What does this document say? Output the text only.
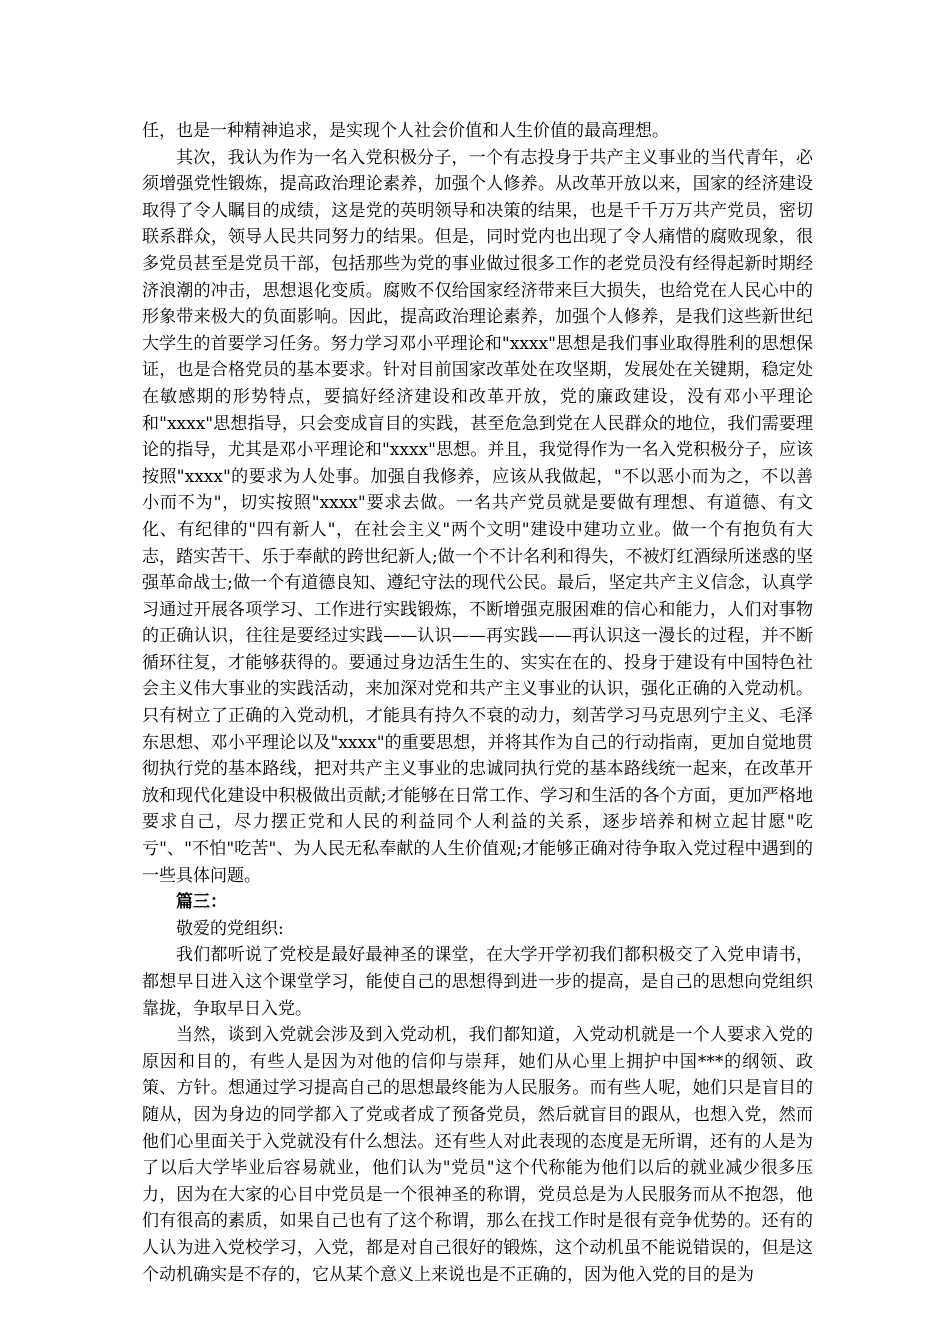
任，也是一种精神追求，是实现个人社会价值和人生价值的最高理想。

其次，我认为作为一名入党积极分子，一个有志投身于共产主义事业的当代青年，必须增强党性锻炼，提高政治理论素养，加强个人修养。从改革开放以来，国家的经济建设取得了令人瞩目的成绩，这是党的英明领导和决策的结果，也是千千万万共产党员，密切联系群众，领导人民共同努力的结果。但是，同时党内也出现了令人痛惜的腐败现象，很多党员甚至是党员干部，包括那些为党的事业做过很多工作的老党员没有经得起新时期经济浪潮的冲击，思想退化变质。腐败不仅给国家经济带来巨大损失，也给党在人民心中的形象带来极大的负面影响。因此，提高政治理论素养，加强个人修养，是我们这些新世纪大学生的首要学习任务。努力学习邓小平理论和"xxxx"思想是我们事业取得胜利的思想保证，也是合格党员的基本要求。针对目前国家改革处在攻坚期，发展处在关键期，稳定处在敏感期的形势特点，要搞好经济建设和改革开放，党的廉政建设，没有邓小平理论和"xxxx"思想指导，只会变成盲目的实践，甚至危急到党在人民群众的地位，我们需要理论的指导，尤其是邓小平理论和"xxxx"思想。并且，我觉得作为一名入党积极分子，应该按照"xxxx"的要求为人处事。加强自我修养，应该从我做起，"不以恶小而为之，不以善小而不为"，切实按照"xxxx"要求去做。一名共产党员就是要做有理想、有道德、有文化、有纪律的"四有新人"，在社会主义"两个文明"建设中建功立业。做一个有抱负有大志，踏实苦干、乐于奉献的跨世纪新人;做一个不计名利和得失，不被灯红酒绿所迷惑的坚强革命战士;做一个有道德良知、遵纪守法的现代公民。最后，坚定共产主义信念，认真学习通过开展各项学习、工作进行实践锻炼，不断增强克服困难的信心和能力，人们对事物的正确认识，往往是要经过实践——认识——再实践——再认识这一漫长的过程，并不断循环往复，才能够获得的。要通过身边活生生的、实实在在的、投身于建设有中国特色社会主义伟大事业的实践活动，来加深对党和共产主义事业的认识，强化正确的入党动机。只有树立了正确的入党动机，才能具有持久不衰的动力，刻苦学习马克思列宁主义、毛泽东思想、邓小平理论以及"xxxx"的重要思想，并将其作为自己的行动指南，更加自觉地贯彻执行党的基本路线，把对共产主义事业的忠诚同执行党的基本路线统一起来，在改革开放和现代化建设中积极做出贡献;才能够在日常工作、学习和生活的各个方面，更加严格地要求自己，尽力摆正党和人民的利益同个人利益的关系，逐步培养和树立起甘愿"吃亏"、"不怕"吃苦"、为人民无私奉献的人生价值观;才能够正确对待争取入党过程中遇到的一些具体问题。

篇三：

敬爱的党组织:

我们都听说了党校是最好最神圣的课堂，在大学开学初我们都积极交了入党申请书，都想早日进入这个课堂学习，能使自己的思想得到进一步的提高，是自己的思想向党组织靠拢，争取早日入党。

当然，谈到入党就会涉及到入党动机，我们都知道，入党动机就是一个人要求入党的原因和目的，有些人是因为对他的信仰与崇拜，她们从心里上拥护中国***的纲领、政策、方针。想通过学习提高自己的思想最终能为人民服务。而有些人呢，她们只是盲目的随从，因为身边的同学都入了党或者成了预备党员，然后就盲目的跟从，也想入党，然而他们心里面关于入党就没有什么想法。还有些人对此表现的态度是无所谓，还有的人是为了以后大学毕业后容易就业，他们认为"党员"这个代称能为他们以后的就业减少很多压力，因为在大家的心目中党员是一个很神圣的称谓，党员总是为人民服务而从不抱怨，他们有很高的素质，如果自己也有了这个称谓，那么在找工作时是很有竞争优势的。还有的人认为进入党校学习，入党，都是对自己很好的锻炼，这个动机虽不能说错误的，但是这个动机确实是不存的，它从某个意义上来说也是不正确的，因为他入党的目的是为
